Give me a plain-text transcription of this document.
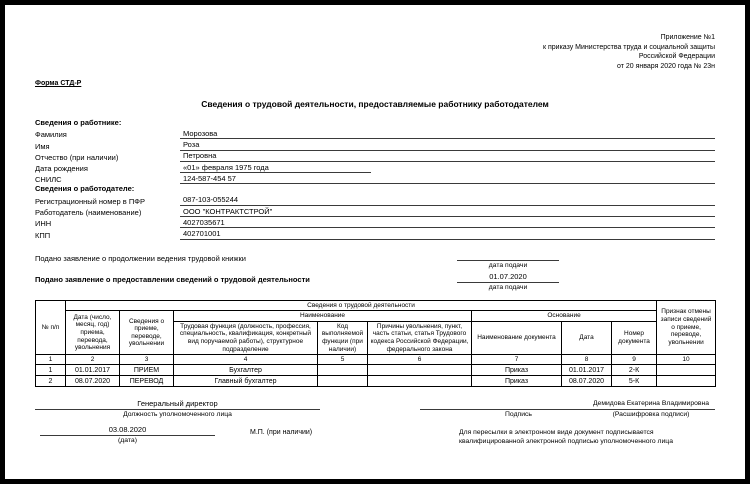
Приложение №1
к приказу Министерства труда и социальной защиты
Российской Федерации
от 20 января 2020 года № 23н
Форма СТД-Р
Сведения о трудовой деятельности, предоставляемые работнику работодателем
Сведения о работнике:
Фамилия	Морозова
Имя	Роза
Отчество (при наличии)	Петровна
Дата рождения	«01» февраля 1975 года
СНИЛС	124-587-454 57
Сведения о работодателе:
Регистрационный номер в ПФР	087-103-055244
Работодатель (наименование)	ООО "КОНТРАКТСТРОЙ"
ИНН	4027035671
КПП	402701001
Подано заявление о продолжении ведения трудовой книжки
дата подачи
Подано заявление о предоставлении сведений о трудовой деятельности	01.07.2020
дата подачи
№ п/п	Сведения о трудовой деятельности								Признак отмены записи сведений о приеме, переводе, увольнении
	Дата (число, месяц, год) приема, перевода, увольнения	Сведения о приеме, переводе, увольнении	Наименование			Основание			
			Трудовая функция (должность, профессия, специальность, квалификация, конкретный вид поручаемой работы), структурное подразделение	Код выполняемой функции (при наличии)	Причины увольнения, пункт, часть статьи, статья Трудового кодекса Российской Федерации, федерального закона	Наименование документа	Дата	Номер документа	
1	2	3	4	5	6	7	8	9	10
1	01.01.2017	ПРИЕМ	Бухгалтер			Приказ	01.01.2017	2-К	
2	08.07.2020	ПЕРЕВОД	Главный бухгалтер			Приказ	08.07.2020	5-К	
Генеральный директор
Должность уполномоченного лица	Подпись
Демидова Екатерина Владимировна
(Расшифровка подписи)
03.08.2020
(дата)
М.П. (при наличии)	Для пересылки в электронном виде документ подписывается квалифицированной электронной подписью уполномоченного лица
